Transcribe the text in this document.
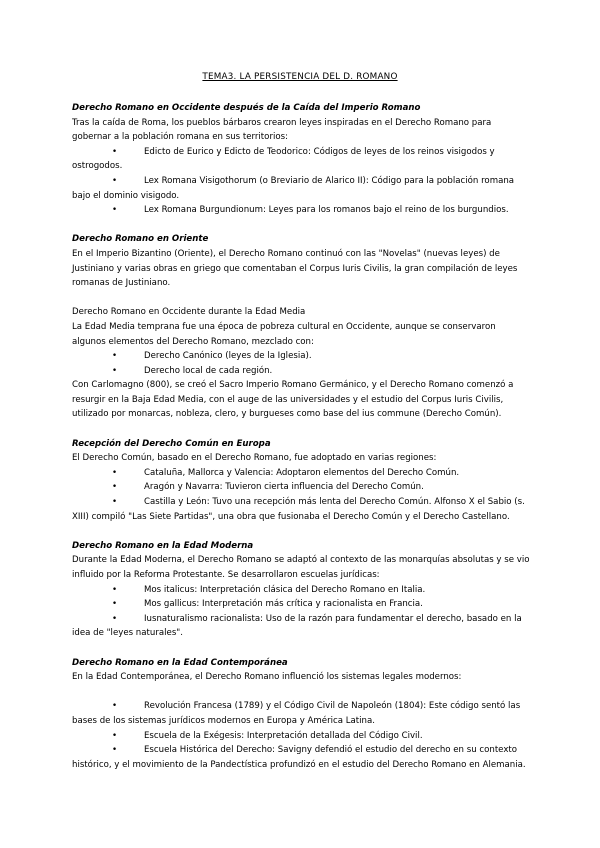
TEMA3. LA PERSISTENCIA DEL D. ROMANO

Derecho Romano en Occidente después de la Caída del Imperio Romano

Tras la caída de Roma, los pueblos bárbaros crearon leyes inspiradas en el Derecho Romano para gobernar a la población romana en sus territorios:

• Edicto de Eurico y Edicto de Teodorico: Códigos de leyes de los reinos visigodos y ostrogodos.
• Lex Romana Visigothorum (o Breviario de Alarico II): Código para la población romana bajo el dominio visigodo.
• Lex Romana Burgundionum: Leyes para los romanos bajo el reino de los burgundios.

Derecho Romano en Oriente

En el Imperio Bizantino (Oriente), el Derecho Romano continuó con las "Novelas" (nuevas leyes) de Justiniano y varias obras en griego que comentaban el Corpus Iuris Civilis, la gran compilación de leyes romanas de Justiniano.

Derecho Romano en Occidente durante la Edad Media

La Edad Media temprana fue una época de pobreza cultural en Occidente, aunque se conservaron algunos elementos del Derecho Romano, mezclado con:

• Derecho Canónico (leyes de la Iglesia).
• Derecho local de cada región.

Con Carlomagno (800), se creó el Sacro Imperio Romano Germánico, y el Derecho Romano comenzó a resurgir en la Baja Edad Media, con el auge de las universidades y el estudio del Corpus Iuris Civilis, utilizado por monarcas, nobleza, clero, y burgueses como base del ius commune (Derecho Común).

Recepción del Derecho Común en Europa

El Derecho Común, basado en el Derecho Romano, fue adoptado en varias regiones:

• Cataluña, Mallorca y Valencia: Adoptaron elementos del Derecho Común.
• Aragón y Navarra: Tuvieron cierta influencia del Derecho Común.
• Castilla y León: Tuvo una recepción más lenta del Derecho Común. Alfonso X el Sabio (s. XIII) compiló "Las Siete Partidas", una obra que fusionaba el Derecho Común y el Derecho Castellano.

Derecho Romano en la Edad Moderna

Durante la Edad Moderna, el Derecho Romano se adaptó al contexto de las monarquías absolutas y se vio influido por la Reforma Protestante. Se desarrollaron escuelas jurídicas:

• Mos italicus: Interpretación clásica del Derecho Romano en Italia.
• Mos gallicus: Interpretación más crítica y racionalista en Francia.
• Iusnaturalismo racionalista: Uso de la razón para fundamentar el derecho, basado en la idea de "leyes naturales".

Derecho Romano en la Edad Contemporánea

En la Edad Contemporánea, el Derecho Romano influenció los sistemas legales modernos:

• Revolución Francesa (1789) y el Código Civil de Napoleón (1804): Este código sentó las bases de los sistemas jurídicos modernos en Europa y América Latina.
• Escuela de la Exégesis: Interpretación detallada del Código Civil.
• Escuela Histórica del Derecho: Savigny defendió el estudio del derecho en su contexto histórico, y el movimiento de la Pandectística profundizó en el estudio del Derecho Romano en Alemania.
